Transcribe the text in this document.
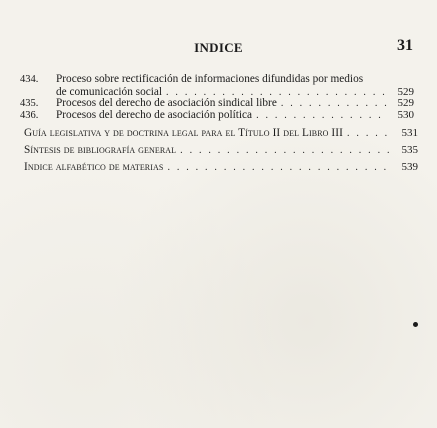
INDICE	31
434.	Proceso sobre rectificación de informaciones difundidas por medios
de comunicación social . . .	529
435.	Procesos del derecho de asociación sindical libre . . .	529
436.	Procesos del derecho de asociación política . . .	530
Guía legislativa y de doctrina legal para el Título II del Libro III . . .	531
Síntesis de bibliografía general . . .	535
Indice alfabético de materias . . .	539
